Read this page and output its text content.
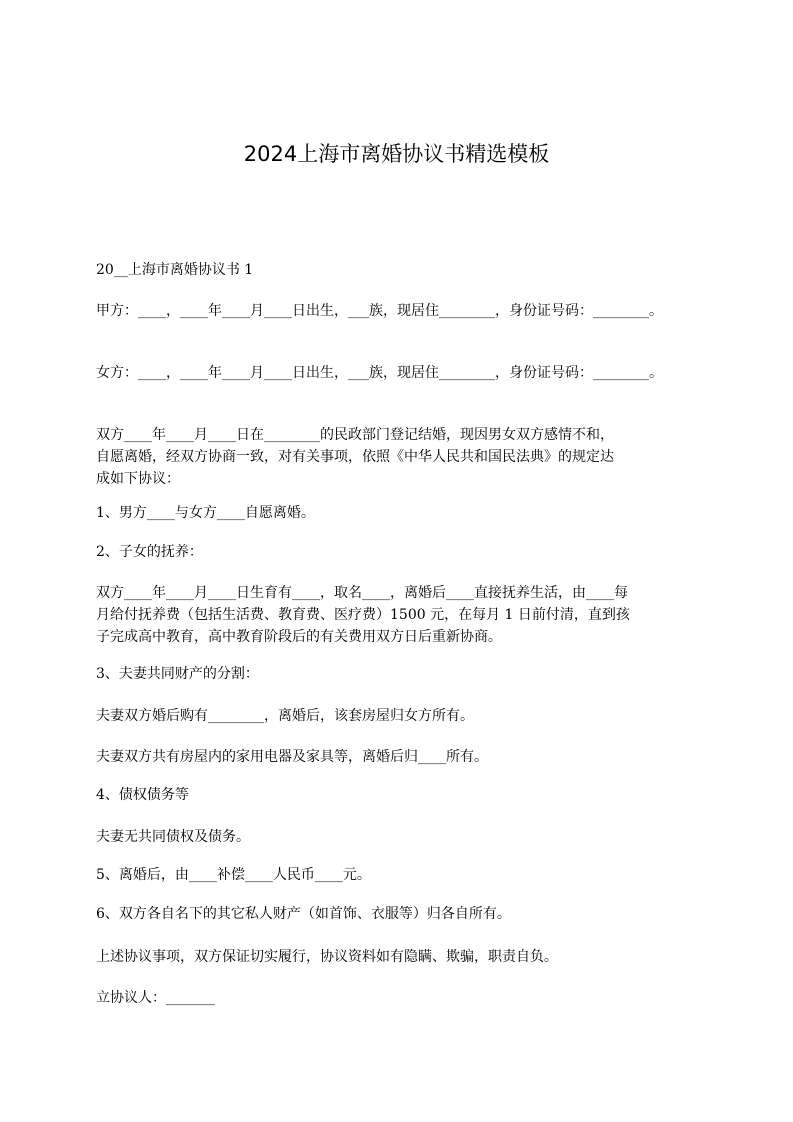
2024上海市离婚协议书精选模板
20__上海市离婚协议书 1
甲方：____，____年____月____日出生，___族，现居住________，身份证号码：________。
女方：____，____年____月____日出生，___族，现居住________，身份证号码：________。
双方____年____月____日在________的民政部门登记结婚，现因男女双方感情不和，
自愿离婚，经双方协商一致，对有关事项，依照《中华人民共和国民法典》的规定达
成如下协议：
1、男方____与女方____自愿离婚。
2、子女的抚养：
双方____年____月____日生育有____，取名____，离婚后____直接抚养生活，由____每
月给付抚养费（包括生活费、教育费、医疗费）1500 元，在每月 1 日前付清，直到孩
子完成高中教育，高中教育阶段后的有关费用双方日后重新协商。
3、夫妻共同财产的分割：
夫妻双方婚后购有________，离婚后，该套房屋归女方所有。
夫妻双方共有房屋内的家用电器及家具等，离婚后归____所有。
4、债权债务等
夫妻无共同债权及债务。
5、离婚后，由____补偿____人民币____元。
6、双方各自名下的其它私人财产（如首饰、衣服等）归各自所有。
上述协议事项，双方保证切实履行，协议资料如有隐瞒、欺骗，职责自负。
立协议人：_______
